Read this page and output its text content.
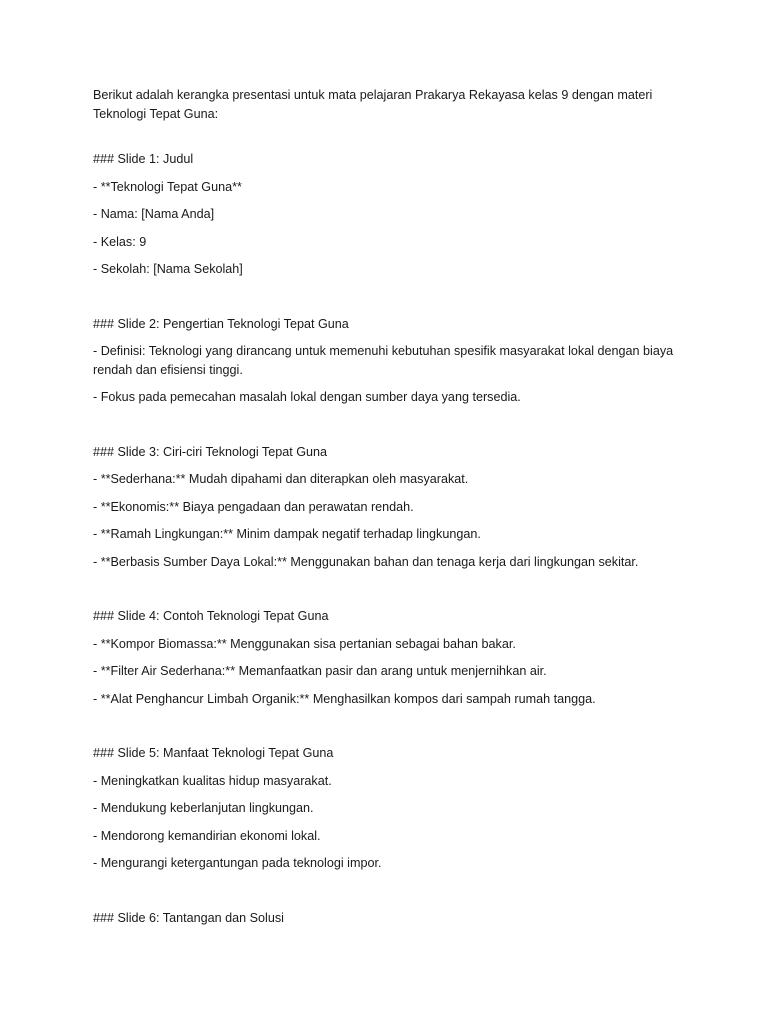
Berikut adalah kerangka presentasi untuk mata pelajaran Prakarya Rekayasa kelas 9 dengan materi Teknologi Tepat Guna:

### Slide 1: Judul

- **Teknologi Tepat Guna**

- Nama: [Nama Anda]

- Kelas: 9

- Sekolah: [Nama Sekolah]

### Slide 2: Pengertian Teknologi Tepat Guna

- Definisi: Teknologi yang dirancang untuk memenuhi kebutuhan spesifik masyarakat lokal dengan biaya rendah dan efisiensi tinggi.

- Fokus pada pemecahan masalah lokal dengan sumber daya yang tersedia.

### Slide 3: Ciri-ciri Teknologi Tepat Guna

- **Sederhana:** Mudah dipahami dan diterapkan oleh masyarakat.

- **Ekonomis:** Biaya pengadaan dan perawatan rendah.

- **Ramah Lingkungan:** Minim dampak negatif terhadap lingkungan.

- **Berbasis Sumber Daya Lokal:** Menggunakan bahan dan tenaga kerja dari lingkungan sekitar.

### Slide 4: Contoh Teknologi Tepat Guna

- **Kompor Biomassa:** Menggunakan sisa pertanian sebagai bahan bakar.

- **Filter Air Sederhana:** Memanfaatkan pasir dan arang untuk menjernihkan air.

- **Alat Penghancur Limbah Organik:** Menghasilkan kompos dari sampah rumah tangga.

### Slide 5: Manfaat Teknologi Tepat Guna

- Meningkatkan kualitas hidup masyarakat.

- Mendukung keberlanjutan lingkungan.

- Mendorong kemandirian ekonomi lokal.

- Mengurangi ketergantungan pada teknologi impor.

### Slide 6: Tantangan dan Solusi
